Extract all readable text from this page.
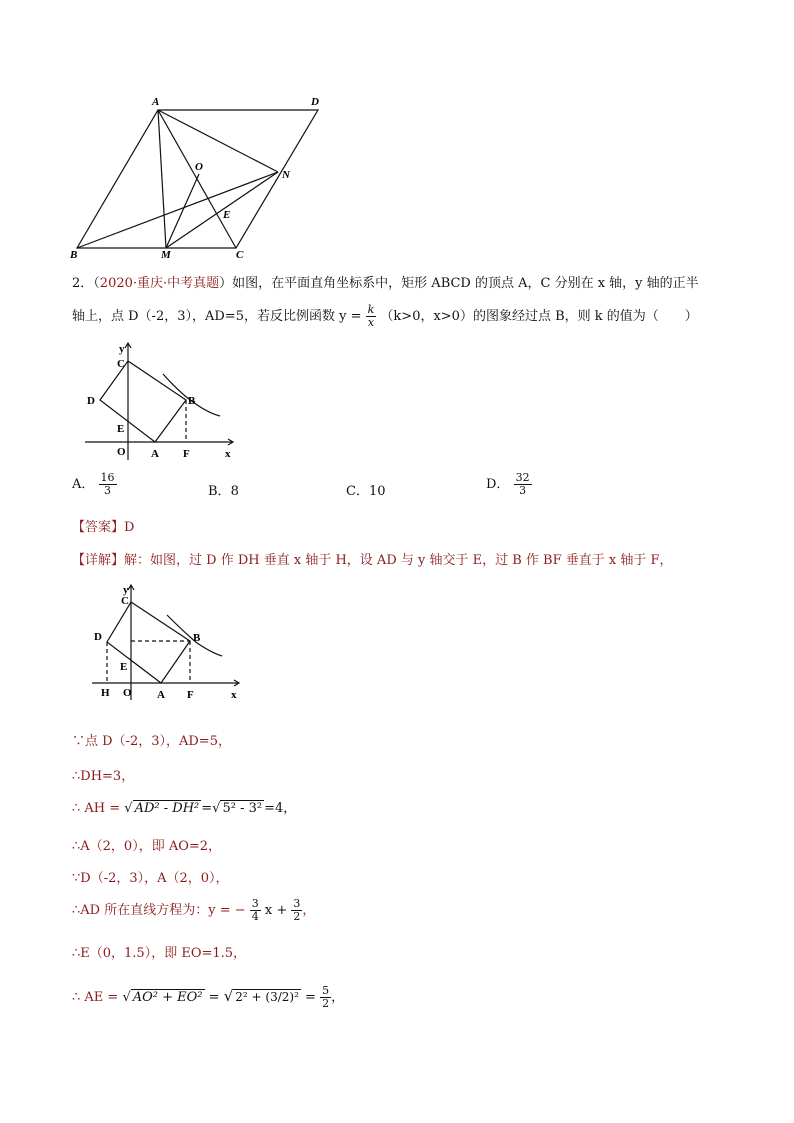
A	D
B	C
M
N
O
E
2．（2020·重庆·中考真题）如图，在平面直角坐标系中，矩形 ABCD 的顶点 A，C 分别在 x 轴，y 轴的正半
轴上，点 D（-2，3），AD=5，若反比例函数 $y = \frac{k}{x} (k>0$，x>0）的图象经过点 B，则 k 的值为（　　）
y
C
D	B
E
O A F	x
A． $\frac{16}{3}$	B．8	C．10	D． $\frac{32}{3}$
【答案】D
【详解】解：如图，过 D 作 DH 垂直 x 轴于 H，设 AD 与 y 轴交于 E，过 B 作 BF 垂直于 x 轴于 F，
y
C
D	B
E
H O A F	x
∵点 D（-2，3），AD=5，
∴DH=3，
∴ AH = √ AD² - DH² =√ 5² - 3² =4，
∴A（2，0），即 AO=2，
∵D（-2，3），A（2，0），
∴AD 所在直线方程为：y = − $\frac{3}{4}$ $x + \frac{3}{2}$ ，
∴E（0，1.5），即 EO=1.5，
∴ AE = √ AO² + EO² = √ $2^2 + (3/2)^2 = \frac{5}{2}$ ，
